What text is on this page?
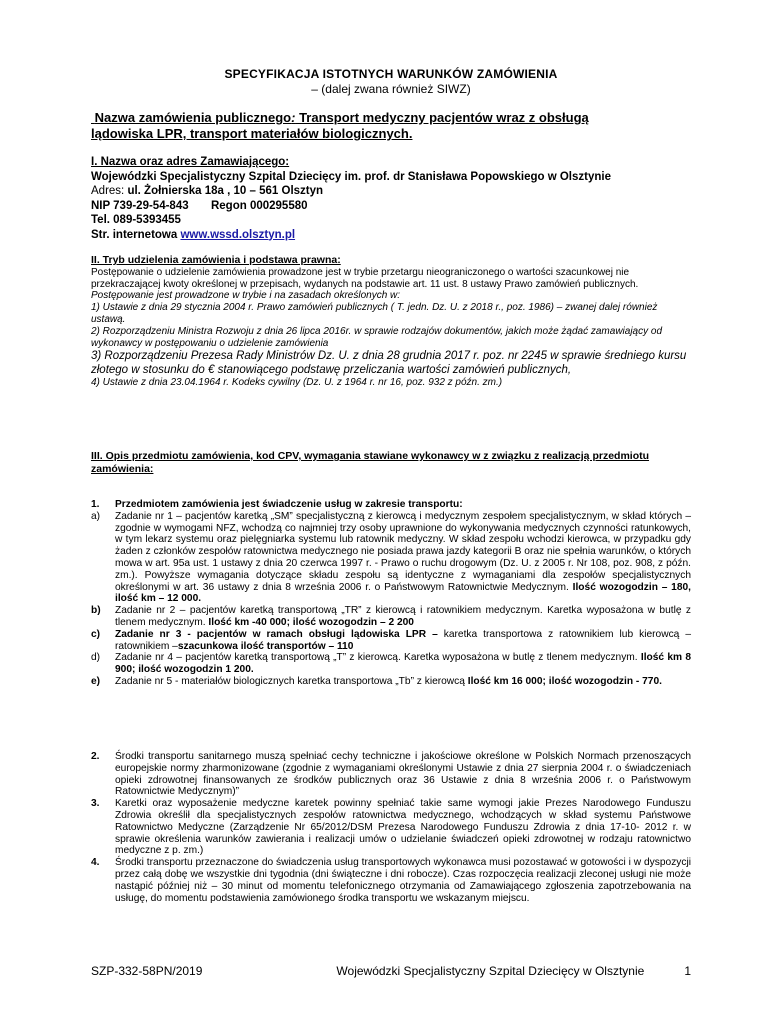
SPECYFIKACJA ISTOTNYCH WARUNKÓW ZAMÓWIENIA
– (dalej zwana również SIWZ)
Nazwa zamówienia publicznego: Transport medyczny pacjentów wraz z obsługą
lądowiska LPR, transport materiałów biologicznych.
I. Nazwa oraz adres Zamawiającego:
Wojewódzki Specjalistyczny Szpital Dziecięcy im. prof. dr Stanisława Popowskiego w Olsztynie
Adres: ul. Żołnierska 18a , 10 – 561 Olsztyn
NIP 739-29-54-843 Regon 000295580
Tel. 089-5393455
Str. internetowa www.wssd.olsztyn.pl
II. Tryb udzielenia zamówienia i podstawa prawna:
Postępowanie o udzielenie zamówienia prowadzone jest w trybie przetargu nieograniczonego o wartości szacunkowej nie przekraczającej kwoty określonej w przepisach, wydanych na podstawie art. 11 ust. 8 ustawy Prawo zamówień publicznych.
Postępowanie jest prowadzone w trybie i na zasadach określonych w:
1) Ustawie z dnia 29 stycznia 2004 r. Prawo zamówień publicznych ( T. jedn. Dz. U. z 2018 r., poz. 1986) – zwanej dalej również ustawą.
2) Rozporządzeniu Ministra Rozwoju z dnia 26 lipca 2016r. w sprawie rodzajów dokumentów, jakich może żądać zamawiający od wykonawcy w postępowaniu o udzielenie zamówienia
3) Rozporządzeniu Prezesa Rady Ministrów Dz. U. z dnia 28 grudnia 2017 r. poz. nr 2245 w sprawie średniego kursu złotego w stosunku do € stanowiącego podstawę przeliczania wartości zamówień publicznych,
4) Ustawie z dnia 23.04.1964 r. Kodeks cywilny (Dz. U. z 1964 r. nr 16, poz. 932 z późn. zm.)
III. Opis przedmiotu zamówienia, kod CPV, wymagania stawiane wykonawcy w z związku z realizacją przedmiotu zamówienia:
1.	Przedmiotem zamówienia jest świadczenie usług w zakresie transportu:
a)	Zadanie nr 1 – pacjentów karetką „SM” specjalistyczną z kierowcą i medycznym zespołem specjalistycznym, w skład których – zgodnie w wymogami NFZ, wchodzą co najmniej trzy osoby uprawnione do wykonywania medycznych czynności ratunkowych, w tym lekarz systemu oraz pielęgniarka systemu lub ratownik medyczny. W skład zespołu wchodzi kierowca, w przypadku gdy żaden z członków zespołów ratownictwa medycznego nie posiada prawa jazdy kategorii B oraz nie spełnia warunków, o których mowa w art. 95a ust. 1 ustawy z dnia 20 czerwca 1997 r. - Prawo o ruchu drogowym (Dz. U. z 2005 r. Nr 108, poz. 908, z późn. zm.). Powyższe wymagania dotyczące składu zespołu są identyczne z wymaganiami dla zespołów specjalistycznych określonymi w art. 36 ustawy z dnia 8 września 2006 r. o Państwowym Ratownictwie Medycznym. Ilość wozogodzin – 180, ilość km – 12 000.
b)	Zadanie nr 2 – pacjentów karetką transportową „TR” z kierowcą i ratownikiem medycznym. Karetka wyposażona w butlę z tlenem medycznym. Ilość km -40 000; ilość wozogodzin – 2 200
c)	Zadanie nr 3 - pacjentów w ramach obsługi lądowiska LPR – karetka transportowa z ratownikiem lub kierowcą – ratownikiem –szacunkowa ilość transportów – 110
d)	Zadanie nr 4 – pacjentów karetką transportową „T” z kierowcą. Karetka wyposażona w butlę z tlenem medycznym. Ilość km 8 900; ilość wozogodzin 1 200.
e)	Zadanie nr 5 - materiałów biologicznych karetka transportowa „Tb” z kierowcą Ilość km 16 000; ilość wozogodzin - 770.
2.	Środki transportu sanitarnego muszą spełniać cechy techniczne i jakościowe określone w Polskich Normach przenoszących europejskie normy zharmonizowane (zgodnie z wymaganiami określonymi Ustawie z dnia 27 sierpnia 2004 r. o świadczeniach opieki zdrowotnej finansowanych ze środków publicznych oraz 36 Ustawie z dnia 8 września 2006 r. o Państwowym Ratownictwie Medycznym)”
3.	Karetki oraz wyposażenie medyczne karetek powinny spełniać takie same wymogi jakie Prezes Narodowego Funduszu Zdrowia określił dla specjalistycznych zespołów ratownictwa medycznego, wchodzących w skład systemu Państwowe Ratownictwo Medyczne (Zarządzenie Nr 65/2012/DSM Prezesa Narodowego Funduszu Zdrowia z dnia 17-10- 2012 r. w sprawie określenia warunków zawierania i realizacji umów o udzielanie świadczeń opieki zdrowotnej w rodzaju ratownictwo medyczne z p. zm.)
4.	Środki transportu przeznaczone do świadczenia usług transportowych wykonawca musi pozostawać w gotowości i w dyspozycji przez całą dobę we wszystkie dni tygodnia (dni świąteczne i dni robocze). Czas rozpoczęcia realizacji zleconej usługi nie może nastąpić później niż – 30 minut od momentu telefonicznego otrzymania od Zamawiającego zgłoszenia zapotrzebowania na usługę, do momentu podstawienia zamówionego środka transportu we wskazanym miejscu.
SZP-332-58PN/2019	Wojewódzki Specjalistyczny Szpital Dziecięcy w Olsztynie	1
